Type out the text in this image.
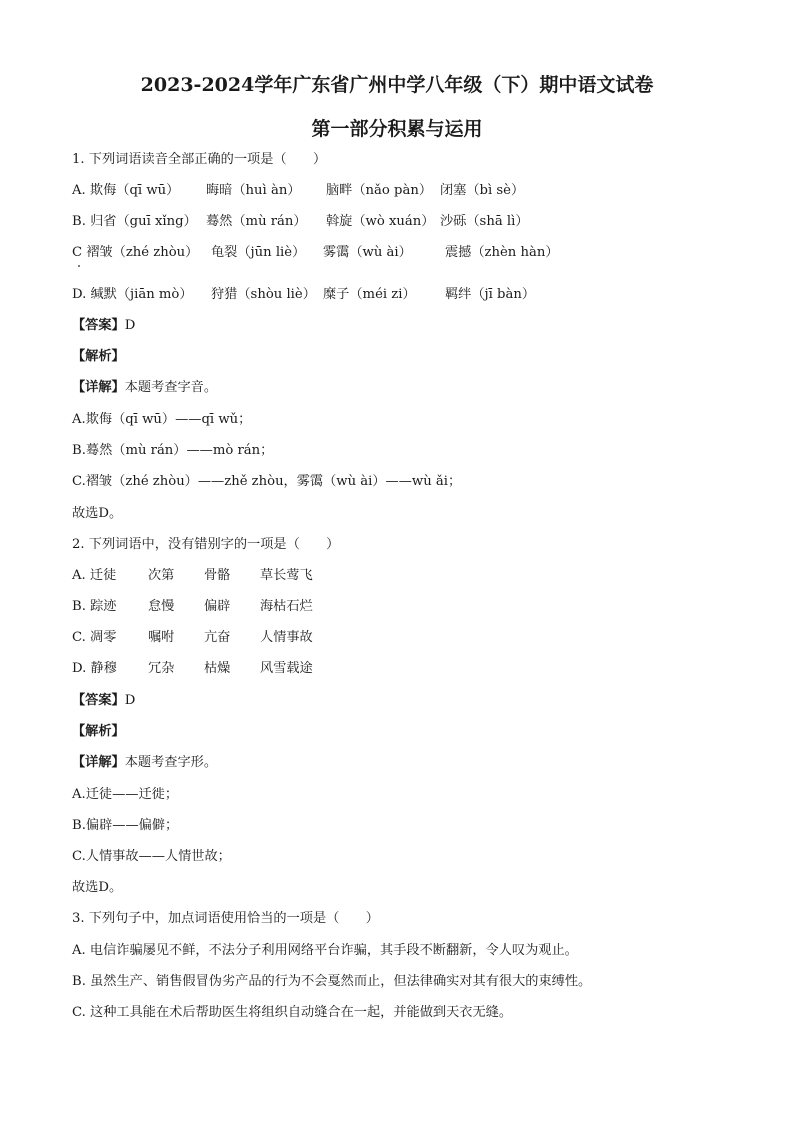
2023-2024学年广东省广州中学八年级（下）期中语文试卷
第一部分积累与运用
1. 下列词语读音全部正确的一项是（　　）
A. 欺侮（qī wū） 晦暗（huì àn） 脑畔（nǎo pàn） 闭塞（bì sè）
B. 归省（guī xǐng） 蓦然（mù rán） 斡旋（wò xuán） 沙砾（shā lì）
C 褶皱（zhé zhòu） 龟裂（jūn liè） 雾霭（wù ài）	震撼（zhèn hàn）
D. 缄默（jiān mò） 狩猎（shòu liè） 糜子（méi zi） 羁绊（jī bàn）
【答案】D
【解析】
【详解】本题考查字音。
A.欺侮（qī wū）——qī wǔ；
B.蓦然（mù rán）——mò rán；
C.褶皱（zhé zhòu）——zhě zhòu，雾霭（wù ài）——wù ǎi；
故选D。
2. 下列词语中，没有错别字的一项是（　　）
A. 迁徒 次第 骨骼 草长莺飞
B. 踪迹 怠慢 偏辟 海枯石烂
C. 凋零 嘱咐 亢奋 人情事故
D. 静穆 冗杂 枯燥 风雪载途
【答案】D
【解析】
【详解】本题考查字形。
A.迁徒——迁徙；
B.偏辟——偏僻；
C.人情事故——人情世故；
故选D。
3. 下列句子中，加点词语使用恰当的一项是（　　）
A. 电信诈骗屡见不鲜，不法分子利用网络平台诈骗，其手段不断翻新，令人叹为观止。
B. 虽然生产、销售假冒伪劣产品的行为不会戛然而止，但法律确实对其有很大的束缚性。
C. 这种工具能在术后帮助医生将组织自动缝合在一起，并能做到天衣无缝。
